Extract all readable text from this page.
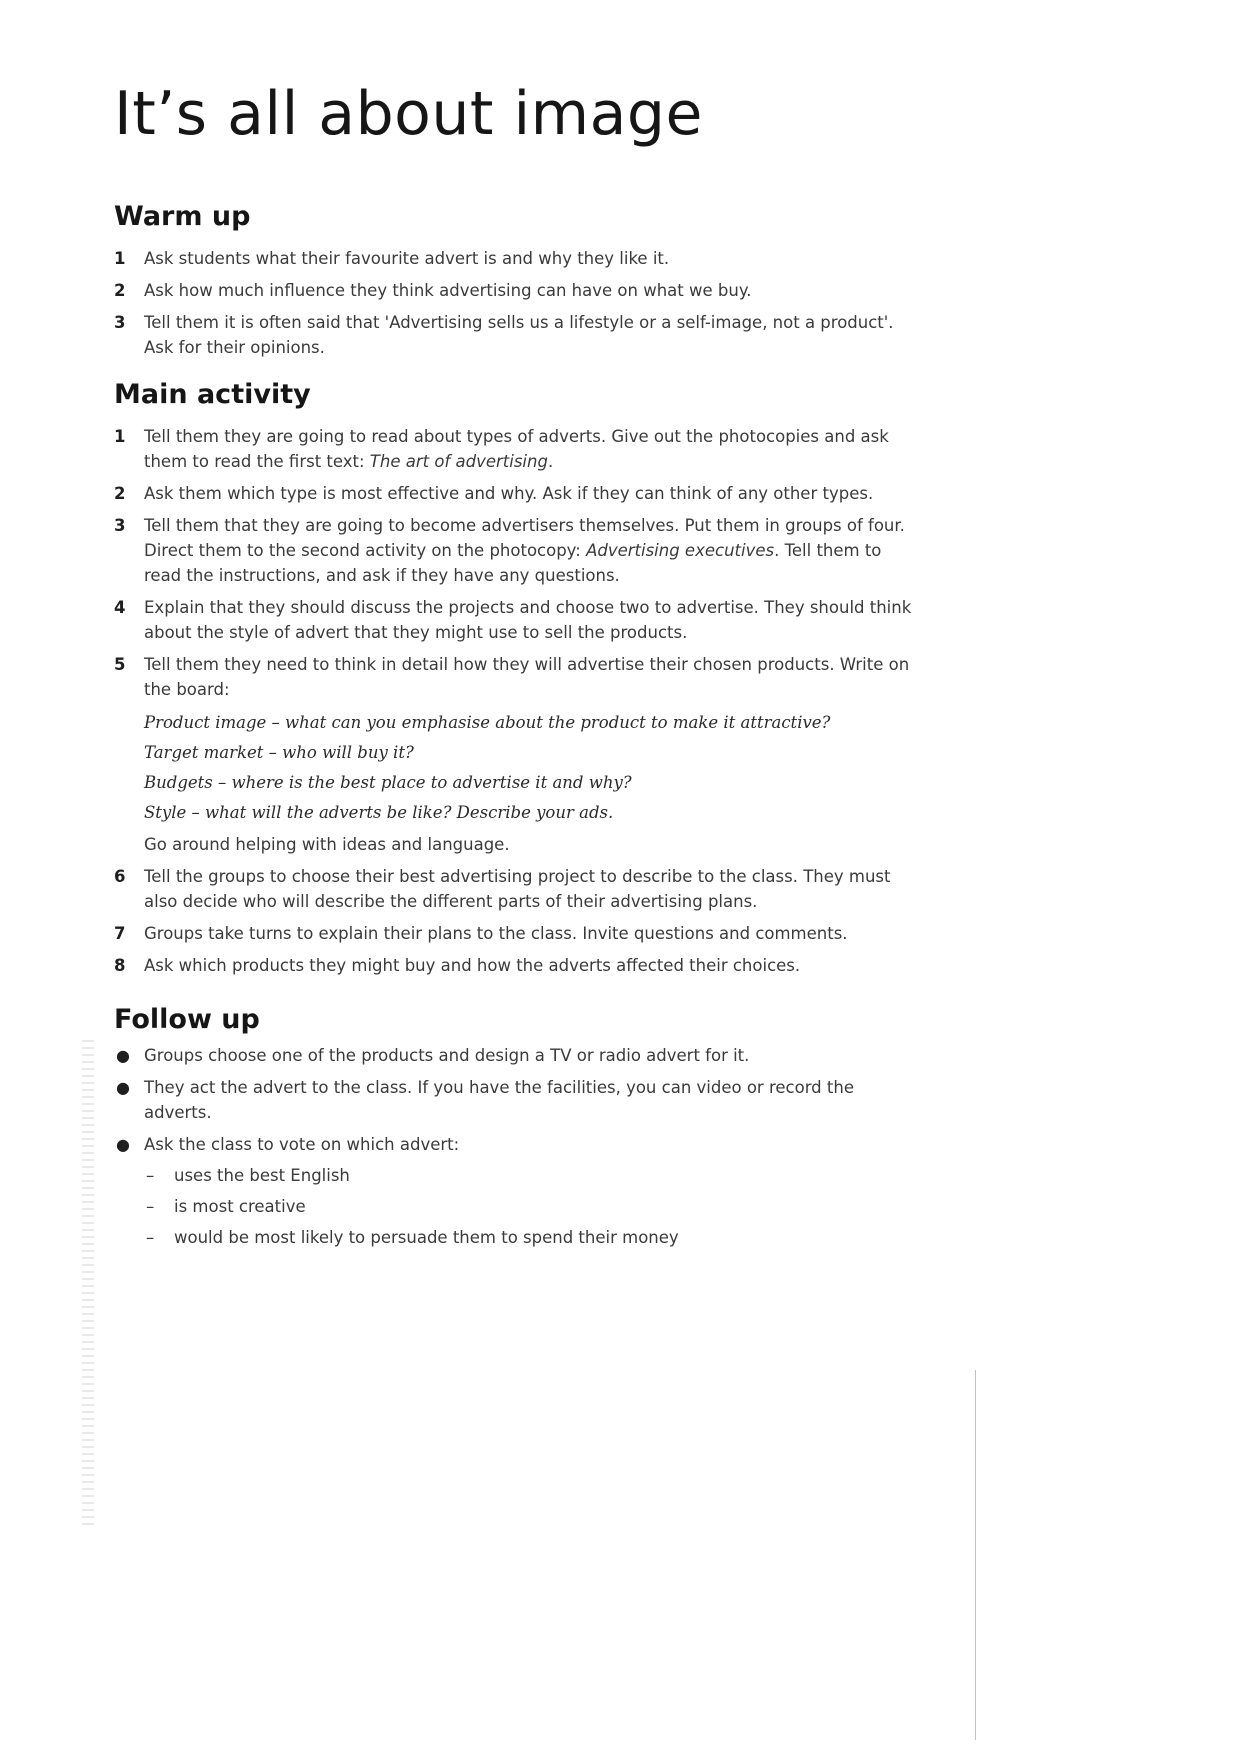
It’s all about image
Warm up
1 Ask students what their favourite advert is and why they like it.
2 Ask how much influence they think advertising can have on what we buy.
3 Tell them it is often said that 'Advertising sells us a lifestyle or a self-image, not a product'. Ask for their opinions.
Main activity
1 Tell them they are going to read about types of adverts. Give out the photocopies and ask them to read the first text: The art of advertising.
2 Ask them which type is most effective and why. Ask if they can think of any other types.
3 Tell them that they are going to become advertisers themselves. Put them in groups of four. Direct them to the second activity on the photocopy: Advertising executives. Tell them to read the instructions, and ask if they have any questions.
4 Explain that they should discuss the projects and choose two to advertise. They should think about the style of advert that they might use to sell the products.
5 Tell them they need to think in detail how they will advertise their chosen products. Write on the board:
Product image – what can you emphasise about the product to make it attractive?
Target market – who will buy it?
Budgets – where is the best place to advertise it and why?
Style – what will the adverts be like? Describe your ads.
Go around helping with ideas and language.
6 Tell the groups to choose their best advertising project to describe to the class. They must also decide who will describe the different parts of their advertising plans.
7 Groups take turns to explain their plans to the class. Invite questions and comments.
8 Ask which products they might buy and how the adverts affected their choices.
Follow up
● Groups choose one of the products and design a TV or radio advert for it.
● They act the advert to the class. If you have the facilities, you can video or record the adverts.
● Ask the class to vote on which advert:
– uses the best English
– is most creative
– would be most likely to persuade them to spend their money
